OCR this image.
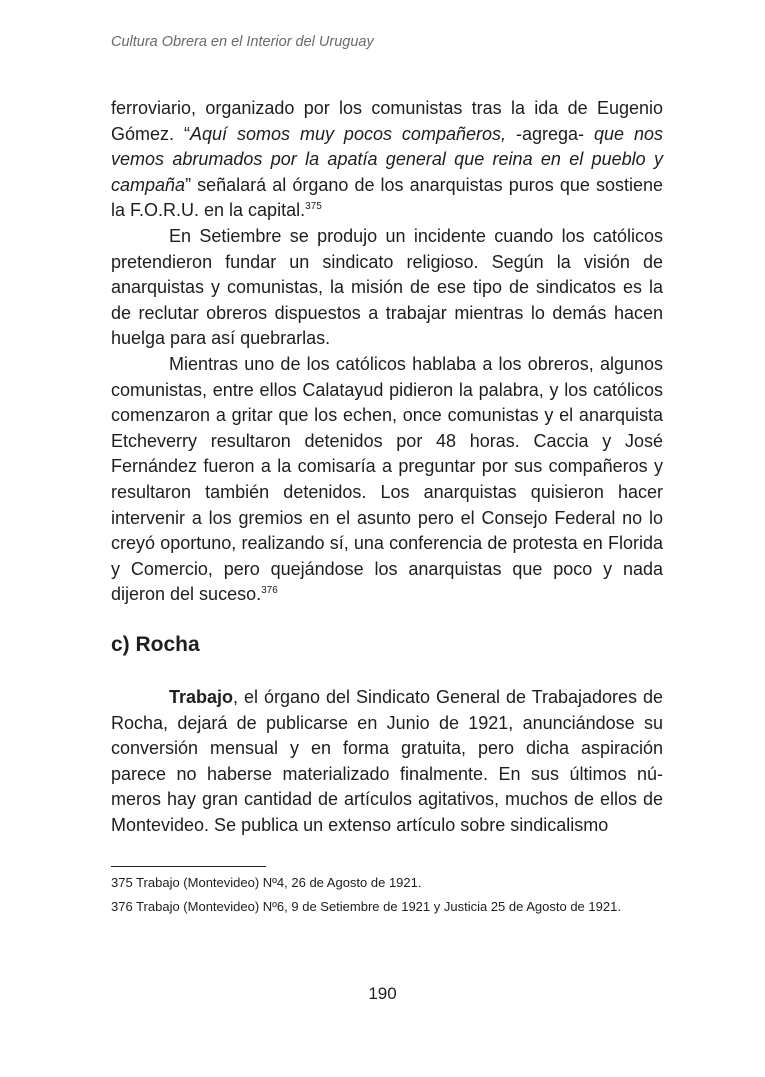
Cultura Obrera en el Interior del Uruguay

ferroviario, organizado por los comunistas tras la ida de Eugenio Gómez. “Aquí somos muy pocos compañeros, -agrega- que nos vemos abrumados por la apatía general que reina en el pueblo y campaña” señalará al órgano de los anarquistas puros que sostiene la F.O.R.U. en la capital.$^{375}$

En Setiembre se produjo un incidente cuando los católicos pretendieron fundar un sindicato religioso. Según la visión de anarquistas y comunistas, la misión de ese tipo de sindicatos es la de reclutar obreros dispuestos a trabajar mientras lo demás hacen huelga para así quebrarlas.

Mientras uno de los católicos hablaba a los obreros, algunos comunistas, entre ellos Calatayud pidieron la palabra, y los católicos comenzaron a gritar que los echen, once comunistas y el anarquista Etcheverry resultaron detenidos por 48 horas. Caccia y José Fernández fueron a la comisaría a preguntar por sus compañeros y resultaron también detenidos. Los anarquistas quisieron hacer intervenir a los gremios en el asunto pero el Consejo Federal no lo creyó oportuno, realizando sí, una conferencia de protesta en Florida y Comercio, pero quejándose los anarquistas que poco y nada dijeron del suceso.$^{376}$

c) Rocha

Trabajo, el órgano del Sindicato General de Trabajadores de Rocha, dejará de publicarse en Junio de 1921, anunciándose su conversión mensual y en forma gratuita, pero dicha aspiración parece no haberse materializado finalmente. En sus últimos números hay gran cantidad de artículos agitativos, muchos de ellos de Montevideo. Se publica un extenso artículo sobre sindicalismo

375 Trabajo (Montevideo) Nº4, 26 de Agosto de 1921.

376 Trabajo (Montevideo) Nº6, 9 de Setiembre de 1921 y Justicia 25 de Agosto de 1921.

190
